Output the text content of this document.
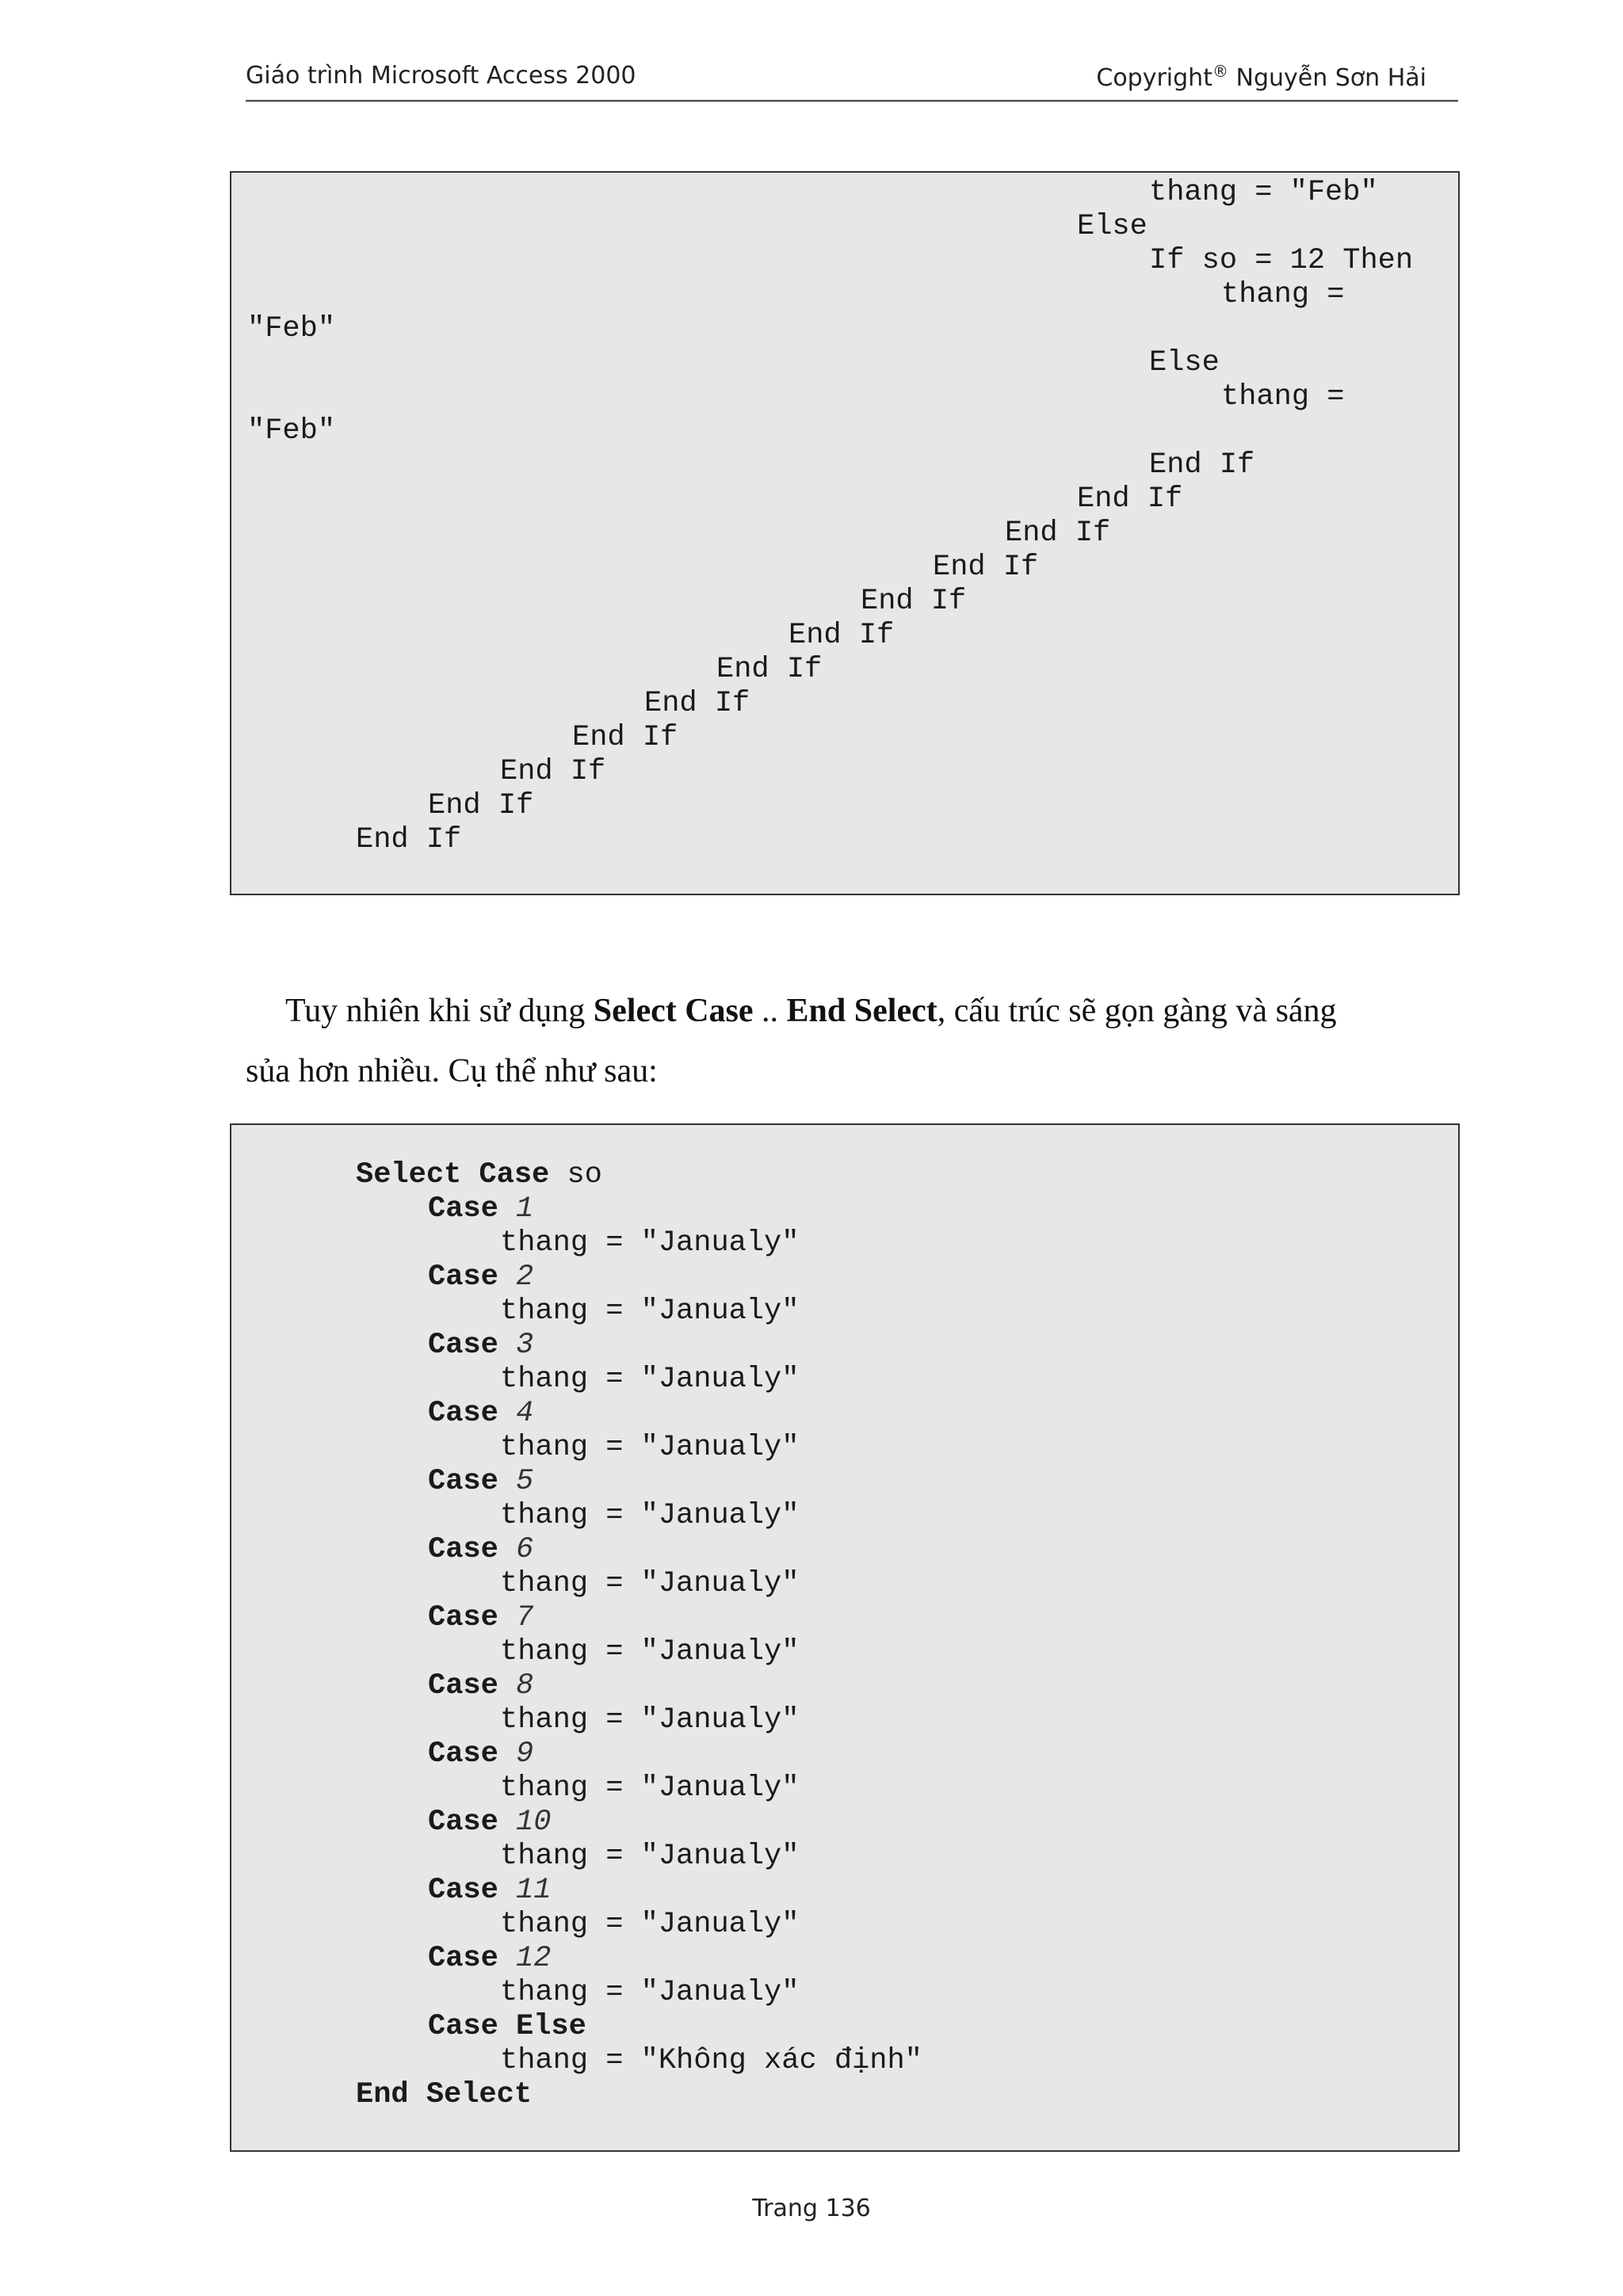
Giáo trình Microsoft Access 2000	Copyright® Nguyễn Sơn Hải
thang = "Feb"
Else
If so = 12 Then
thang =
"Feb"
Else
thang =
"Feb"
End If
End If
End If
End If
End If
End If
End If
End If
End If
End If
End If
End If
Tuy nhiên khi sử dụng Select Case .. End Select, cấu trúc sẽ gọn gàng và sáng
sủa hơn nhiều. Cụ thể như sau:
Select Case so
Case 1
thang = "Janualy"
Case 2
thang = "Janualy"
Case 3
thang = "Janualy"
Case 4
thang = "Janualy"
Case 5
thang = "Janualy"
Case 6
thang = "Janualy"
Case 7
thang = "Janualy"
Case 8
thang = "Janualy"
Case 9
thang = "Janualy"
Case 10
thang = "Janualy"
Case 11
thang = "Janualy"
Case 12
thang = "Janualy"
Case Else
thang = "Không xác định"
End Select
Trang 136
